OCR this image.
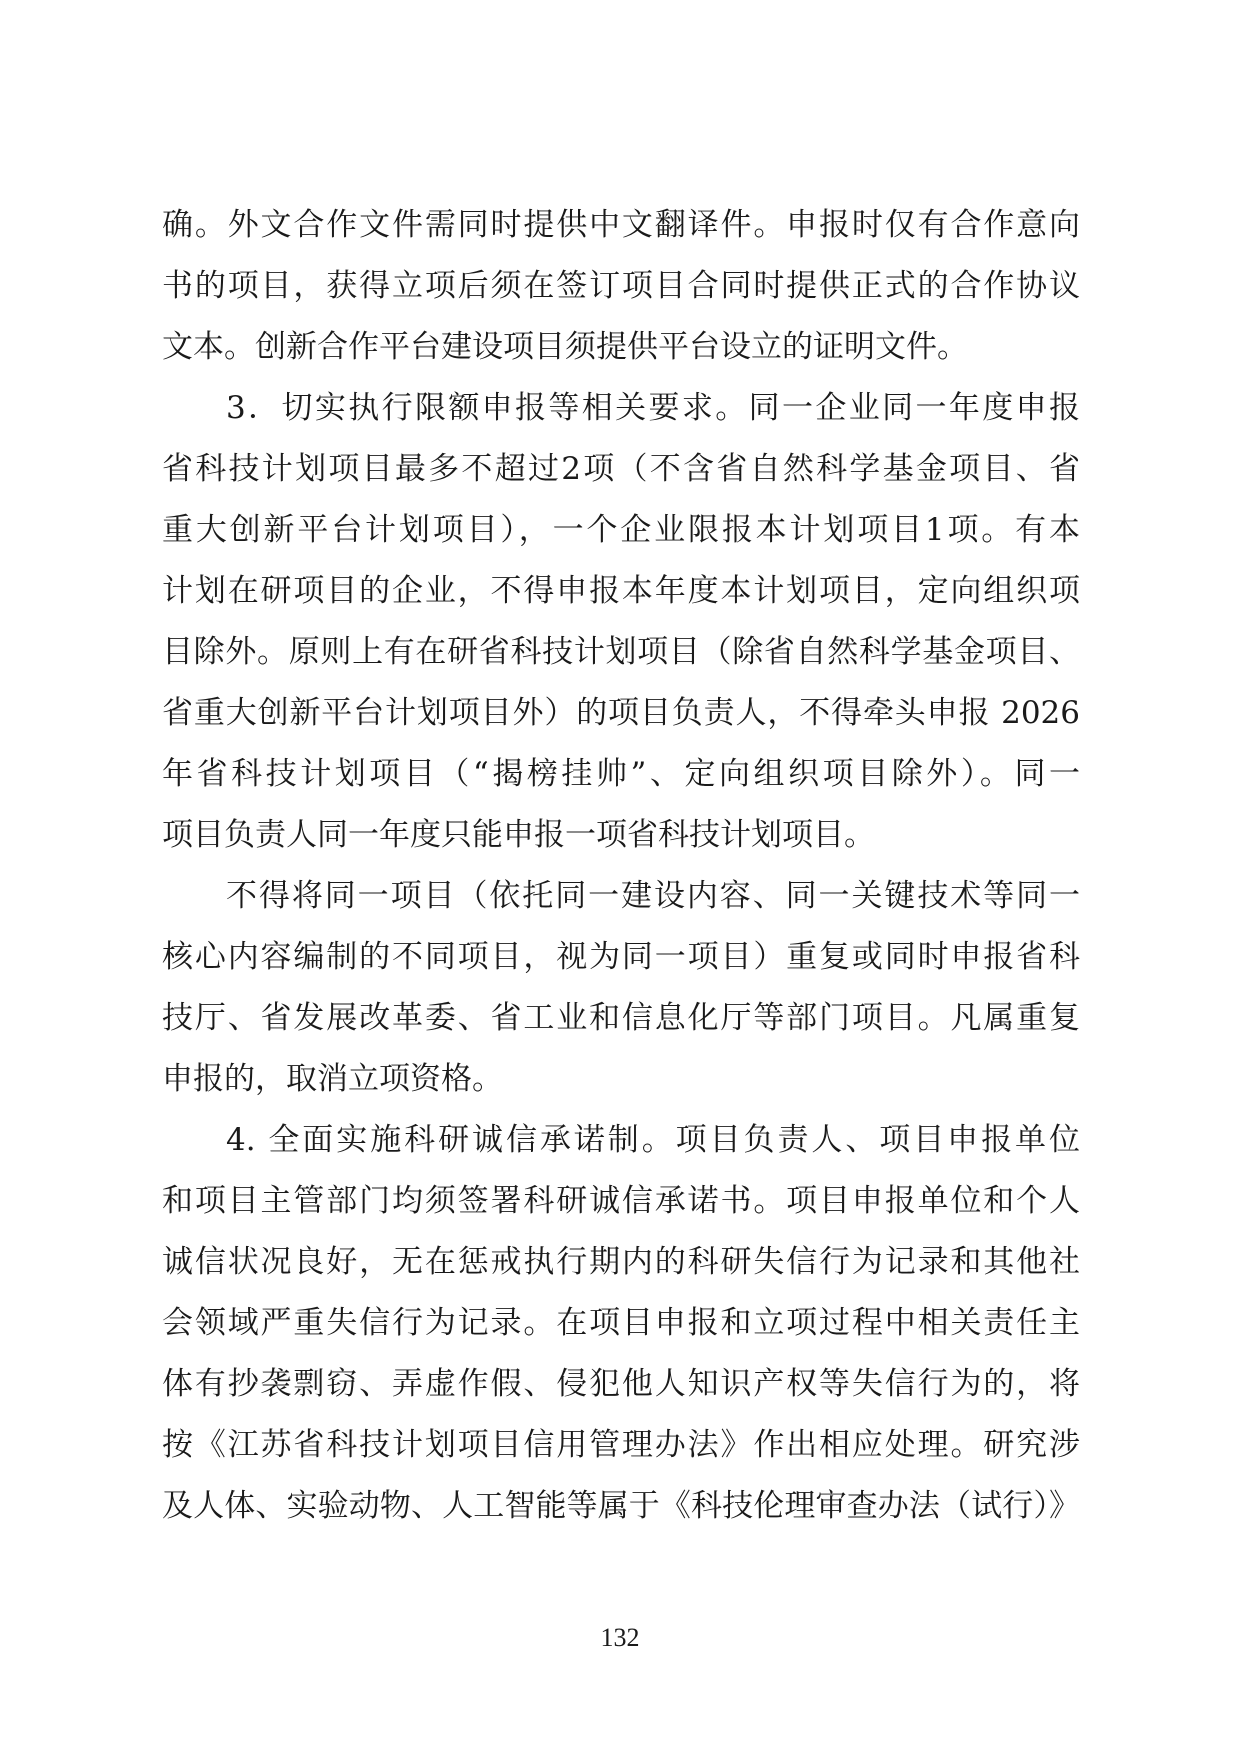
确。外文合作文件需同时提供中文翻译件。申报时仅有合作意向
书的项目，获得立项后须在签订项目合同时提供正式的合作协议
文本。创新合作平台建设项目须提供平台设立的证明文件。
3．切实执行限额申报等相关要求。同一企业同一年度申报
省科技计划项目最多不超过2项（不含省自然科学基金项目、省
重大创新平台计划项目），一个企业限报本计划项目1项。有本
计划在研项目的企业，不得申报本年度本计划项目，定向组织项
目除外。原则上有在研省科技计划项目（除省自然科学基金项目、
省重大创新平台计划项目外）的项目负责人，不得牵头申报 2026
年省科技计划项目（“揭榜挂帅”、定向组织项目除外）。同一
项目负责人同一年度只能申报一项省科技计划项目。
不得将同一项目（依托同一建设内容、同一关键技术等同一
核心内容编制的不同项目，视为同一项目）重复或同时申报省科
技厅、省发展改革委、省工业和信息化厅等部门项目。凡属重复
申报的，取消立项资格。
4. 全面实施科研诚信承诺制。项目负责人、项目申报单位
和项目主管部门均须签署科研诚信承诺书。项目申报单位和个人
诚信状况良好，无在惩戒执行期内的科研失信行为记录和其他社
会领域严重失信行为记录。在项目申报和立项过程中相关责任主
体有抄袭剽窃、弄虚作假、侵犯他人知识产权等失信行为的，将
按《江苏省科技计划项目信用管理办法》作出相应处理。研究涉
及人体、实验动物、人工智能等属于《科技伦理审查办法（试行）》
132
